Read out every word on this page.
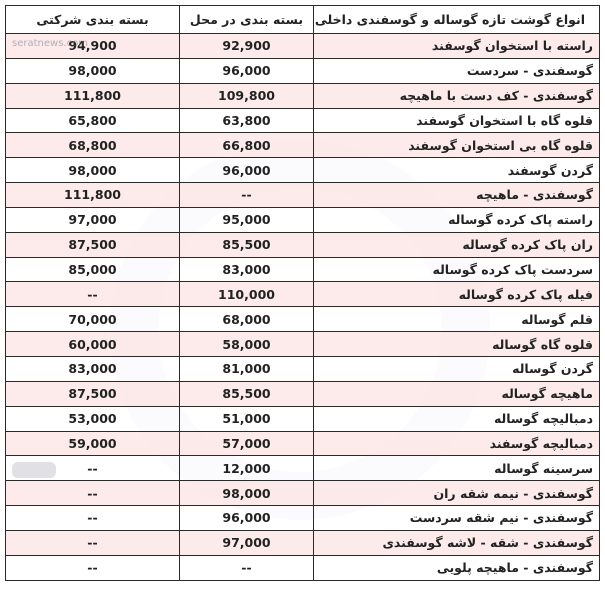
seratnews.com
انواع گوشت تازه گوساله و گوسفندی داخلی	بسته بندی در محل	بسته بندی شرکتی
راسته با استخوان گوسفند	92,900	94,900
گوسفندی - سردست	96,000	98,000
گوسفندی - کف دست با ماهیچه	109,800	111,800
قلوه گاه با استخوان گوسفند	63,800	65,800
قلوه گاه بی استخوان گوسفند	66,800	68,800
گردن گوسفند	96,000	98,000
گوسفندی - ماهیچه	--	111,800
راسته پاک کرده گوساله	95,000	97,000
ران پاک کرده گوساله	85,500	87,500
سردست پاک کرده گوساله	83,000	85,000
فیله پاک کرده گوساله	110,000	--
قلم گوساله	68,000	70,000
قلوه گاه گوساله	58,000	60,000
گردن گوساله	81,000	83,000
ماهیچه گوساله	85,500	87,500
دمبالیچه گوساله	51,000	53,000
دمبالیچه گوسفند	57,000	59,000
سرسینه گوساله	12,000	--
گوسفندی - نیمه شقه ران	98,000	--
گوسفندی - نیم شقه سردست	96,000	--
گوسفندی - شقه - لاشه گوسفندی	97,000	--
گوسفندی - ماهیچه پلویی	--	--
